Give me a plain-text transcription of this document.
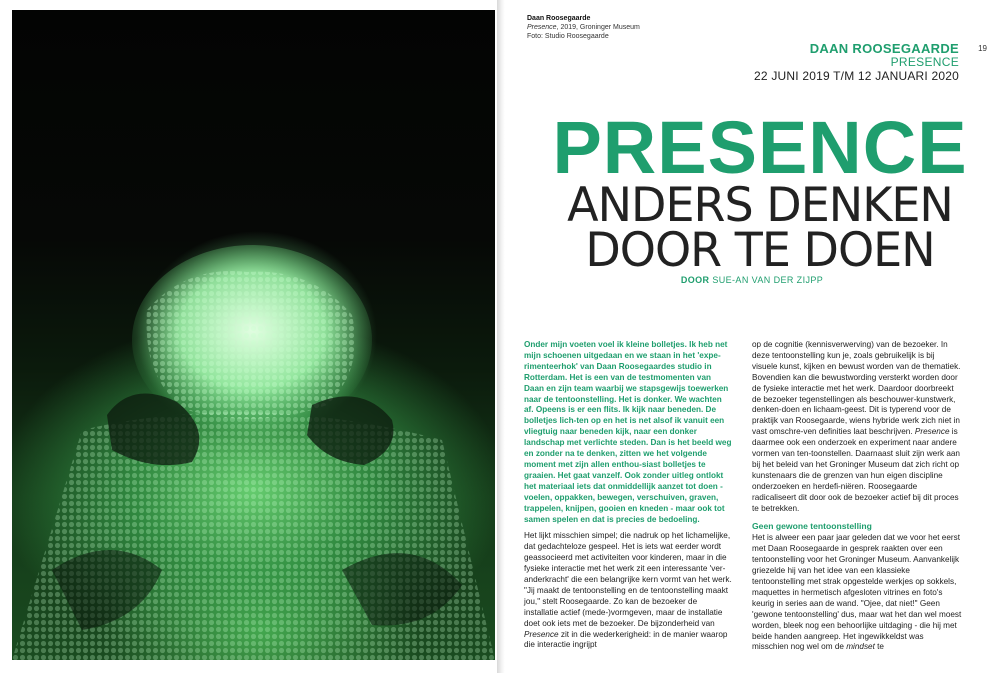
Daan Roosegaarde
Presence, 2019, Groninger Museum
Foto: Studio Roosegaarde
DAAN ROOSEGAARDE
PRESENCE
22 JUNI 2019 T/M 12 JANUARI 2020
19
PRESENCE
ANDERS DENKEN
DOOR TE DOEN
DOOR SUE-AN VAN DER ZIJPP

Onder mijn voeten voel ik kleine bolletjes. Ik heb net mijn schoenen uitgedaan en we staan in het 'expe-rimenteerhok' van Daan Roosegaardes studio in Rotterdam. Het is een van de testmomenten van Daan en zijn team waarbij we stapsgewijs toewerken naar de tentoonstelling. Het is donker. We wachten af. Opeens is er een flits. Ik kijk naar beneden. De bolletjes lich-ten op en het is net alsof ik vanuit een vliegtuig naar beneden kijk, naar een donker landschap met verlichte steden. Dan is het beeld weg en zonder na te denken, zitten we het volgende moment met zijn allen enthou-siast bolletjes te graaien. Het gaat vanzelf. Ook zonder uitleg ontlokt het materiaal iets dat onmiddellijk aanzet tot doen - voelen, oppakken, bewegen, verschuiven, graven, trappelen, knijpen, gooien en kneden - maar ook tot samen spelen en dat is precies de bedoeling.

Het lijkt misschien simpel; die nadruk op het lichamelijke, dat gedachteloze gespeel. Het is iets wat eerder wordt geassocieerd met activiteiten voor kinderen, maar in die fysieke interactie met het werk zit een interessante 'ver-anderkracht' die een belangrijke kern vormt van het werk. "Jij maakt de tentoonstelling en de tentoonstelling maakt jou," stelt Roosegaarde. Zo kan de bezoeker de installatie actief (mede-)vormgeven, maar de installatie doet ook iets met de bezoeker. De bijzonderheid van Presence zit in die wederkerigheid: in de manier waarop die interactie ingrijpt

op de cognitie (kennisverwerving) van de bezoeker. In deze tentoonstelling kun je, zoals gebruikelijk is bij visuele kunst, kijken en bewust worden van de thematiek. Bovendien kan die bewustwording versterkt worden door de fysieke interactie met het werk. Daardoor doorbreekt de bezoeker tegenstellingen als beschouwer-kunstwerk, denken-doen en lichaam-geest. Dit is typerend voor de praktijk van Roosegaarde, wiens hybride werk zich niet in vast omschre-ven definities laat beschrijven. Presence is daarmee ook een onderzoek en experiment naar andere vormen van ten-toonstellen. Daarnaast sluit zijn werk aan bij het beleid van het Groninger Museum dat zich richt op kunstenaars die de grenzen van hun eigen discipline onderzoeken en herdefi-niëren. Roosegaarde radicaliseert dit door ook de bezoeker actief bij dit proces te betrekken.

Geen gewone tentoonstelling

Het is alweer een paar jaar geleden dat we voor het eerst met Daan Roosegaarde in gesprek raakten over een tentoonstelling voor het Groninger Museum. Aanvankelijk griezelde hij van het idee van een klassieke tentoonstelling met strak opgestelde werkjes op sokkels, maquettes in hermetisch afgesloten vitrines en foto's keurig in series aan de wand. "Ojee, dat niet!" Geen 'gewone tentoonstelling' dus, maar wat het dan wel moest worden, bleek nog een behoorlijke uitdaging - die hij met beide handen aangreep. Het ingewikkeldst was misschien nog wel om de mindset te
